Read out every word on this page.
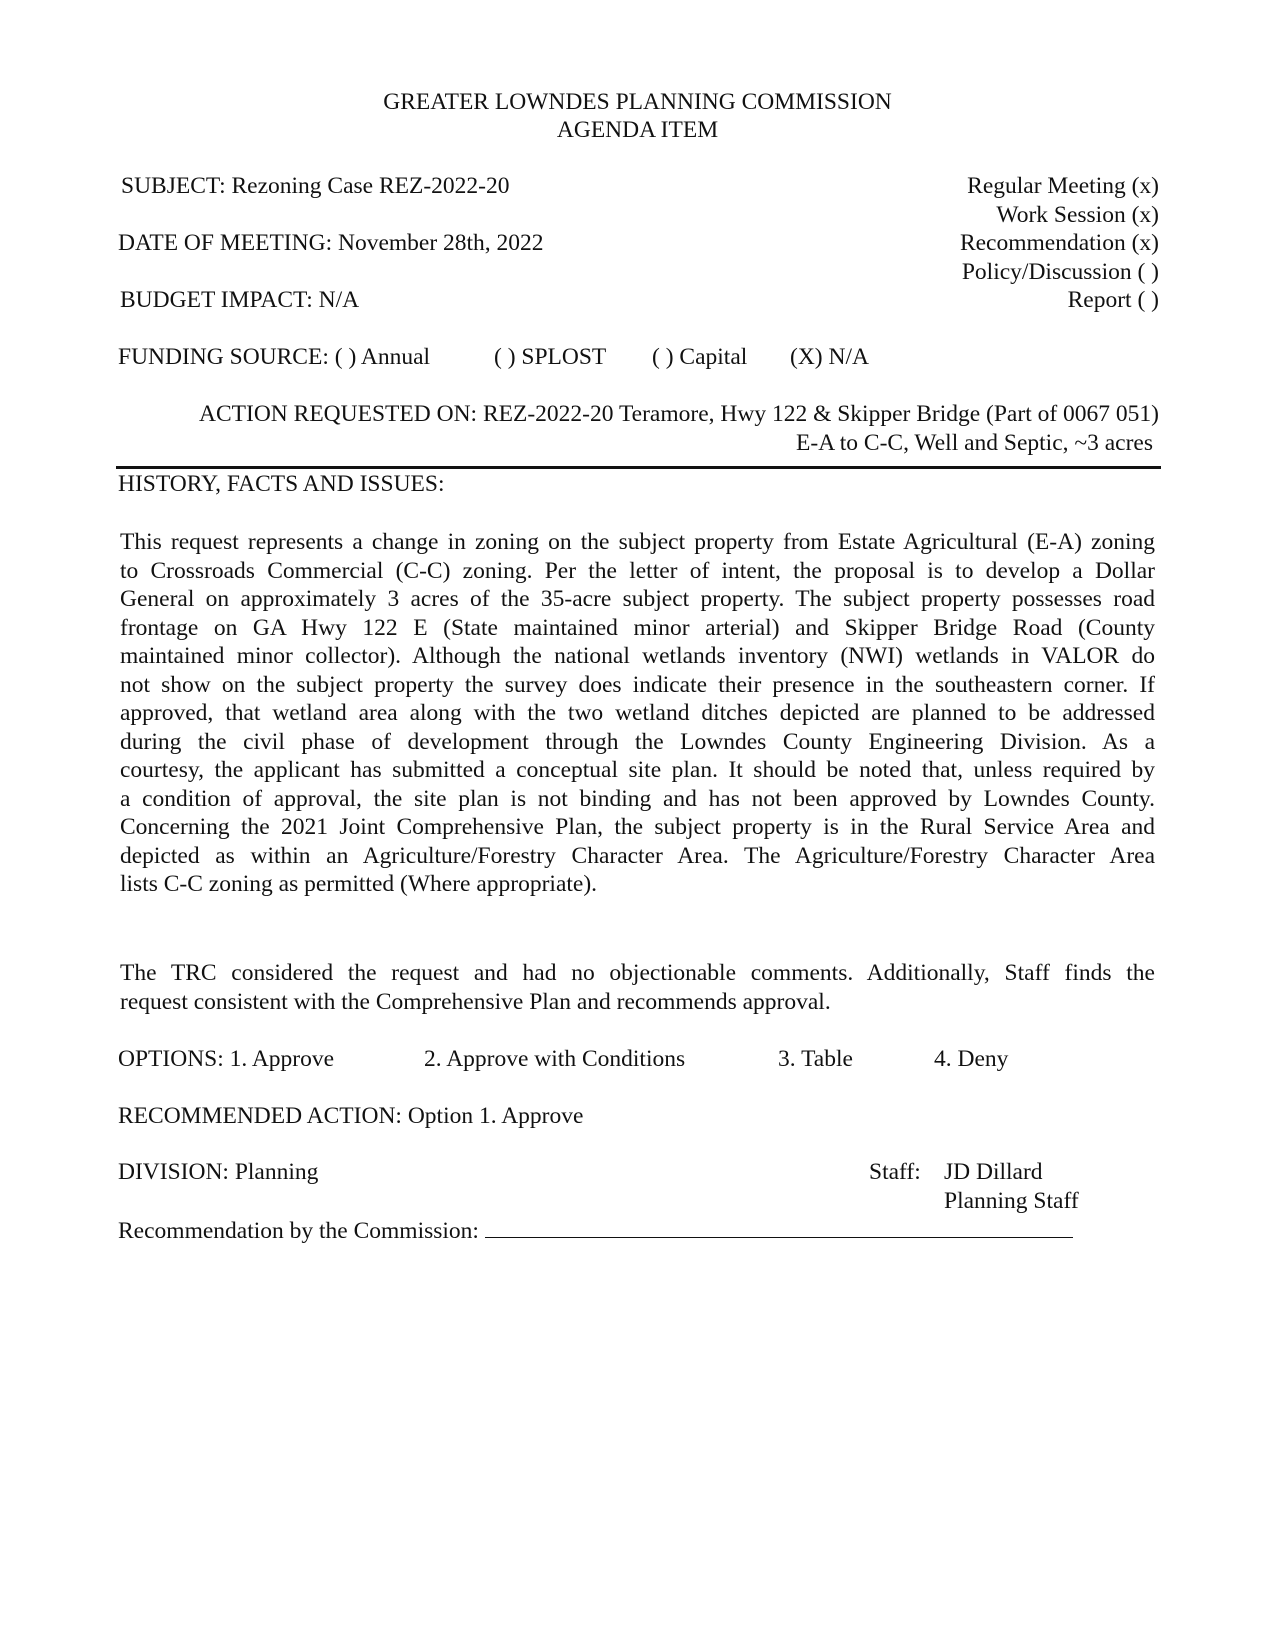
GREATER LOWNDES PLANNING COMMISSION
AGENDA ITEM
SUBJECT: Rezoning Case REZ-2022-20
DATE OF MEETING: November 28th, 2022
BUDGET IMPACT: N/A
Regular Meeting (x)
Work Session (x)
Recommendation (x)
Policy/Discussion ( )
Report ( )
FUNDING SOURCE: ( ) Annual	( ) SPLOST ( ) Capital (X) N/A
ACTION REQUESTED ON: REZ-2022-20 Teramore, Hwy 122 & Skipper Bridge (Part of 0067 051)
E-A to C-C, Well and Septic, ~3 acres
HISTORY, FACTS AND ISSUES:
This request represents a change in zoning on the subject property from Estate Agricultural (E-A) zoning
to Crossroads Commercial (C-C) zoning. Per the letter of intent, the proposal is to develop a Dollar
General on approximately 3 acres of the 35-acre subject property. The subject property possesses road
frontage on GA Hwy 122 E (State maintained minor arterial) and Skipper Bridge Road (County
maintained minor collector). Although the national wetlands inventory (NWI) wetlands in VALOR do
not show on the subject property the survey does indicate their presence in the southeastern corner. If
approved, that wetland area along with the two wetland ditches depicted are planned to be addressed
during the civil phase of development through the Lowndes County Engineering Division. As a
courtesy, the applicant has submitted a conceptual site plan. It should be noted that, unless required by
a condition of approval, the site plan is not binding and has not been approved by Lowndes County.
Concerning the 2021 Joint Comprehensive Plan, the subject property is in the Rural Service Area and
depicted as within an Agriculture/Forestry Character Area. The Agriculture/Forestry Character Area
lists C-C zoning as permitted (Where appropriate).
The TRC considered the request and had no objectionable comments. Additionally, Staff finds the
request consistent with the Comprehensive Plan and recommends approval.
OPTIONS: 1. Approve	2. Approve with Conditions	3. Table	4. Deny
RECOMMENDED ACTION: Option 1. Approve
DIVISION: Planning	Staff: JD Dillard
Planning Staff
Recommendation by the Commission:
